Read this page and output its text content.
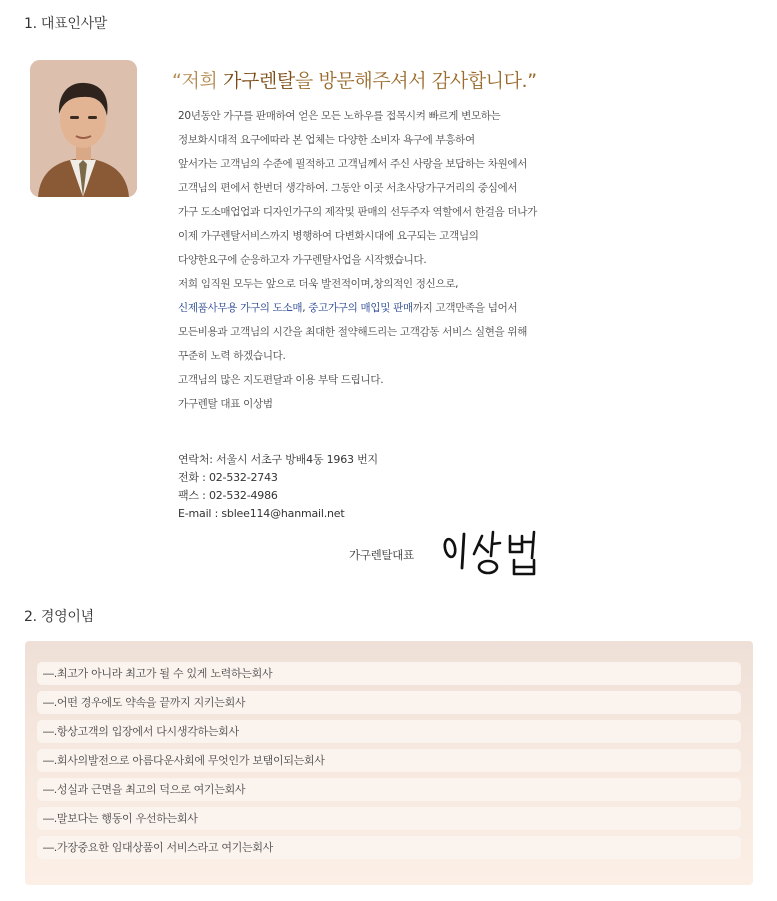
1. 대표인사말
“저희 가구렌탈을 방문해주셔서 감사합니다.”
20년동안 가구를 판매하여 얻은 모든 노하우를 접목시켜 빠르게 변모하는
정보화시대적 요구에따라 본 업체는 다양한 소비자 욕구에 부흥하여
앞서가는 고객님의 수준에 필적하고 고객님께서 주신 사랑을 보답하는 차원에서
고객님의 편에서 한번더 생각하여. 그동안 이곳 서초사당가구거리의 중심에서
가구 도소매업업과 디자인가구의 제작및 판매의 선두주자 역할에서 한걸음 더나가
이제 가구렌탈서비스까지 병행하여 다변화시대에 요구되는 고객님의
다양한요구에 순응하고자 가구렌탈사업을 시작했습니다.
저희 임직원 모두는 앞으로 더욱 발전적이며,창의적인 정신으로,
신제품사무용 가구의 도소매, 중고가구의 매입및 판매까지 고객만족을 넘어서
모든비용과 고객님의 시간을 최대한 절약해드리는 고객감동 서비스 실현을 위해
꾸준히 노력 하겠습니다.
고객님의 많은 지도편달과 이용 부탁 드립니다.
가구렌탈 대표 이상범
연락처: 서울시 서초구 방배4동 1963 번지
전화 : 02-532-2743
팩스 : 02-532-4986
E-mail : sblee114@hanmail.net
가구렌탈대표
2. 경영이념
―.최고가 아니라 최고가 될 수 있게 노력하는회사
―.어떤 경우에도 약속을 끝까지 지키는회사
―.항상고객의 입장에서 다시생각하는회사
―.회사의발전으로 아름다운사회에 무엇인가 보탬이되는회사
―.성실과 근면을 최고의 덕으로 여기는회사
―.말보다는 행동이 우선하는회사
―.가장중요한 임대상품이 서비스라고 여기는회사
